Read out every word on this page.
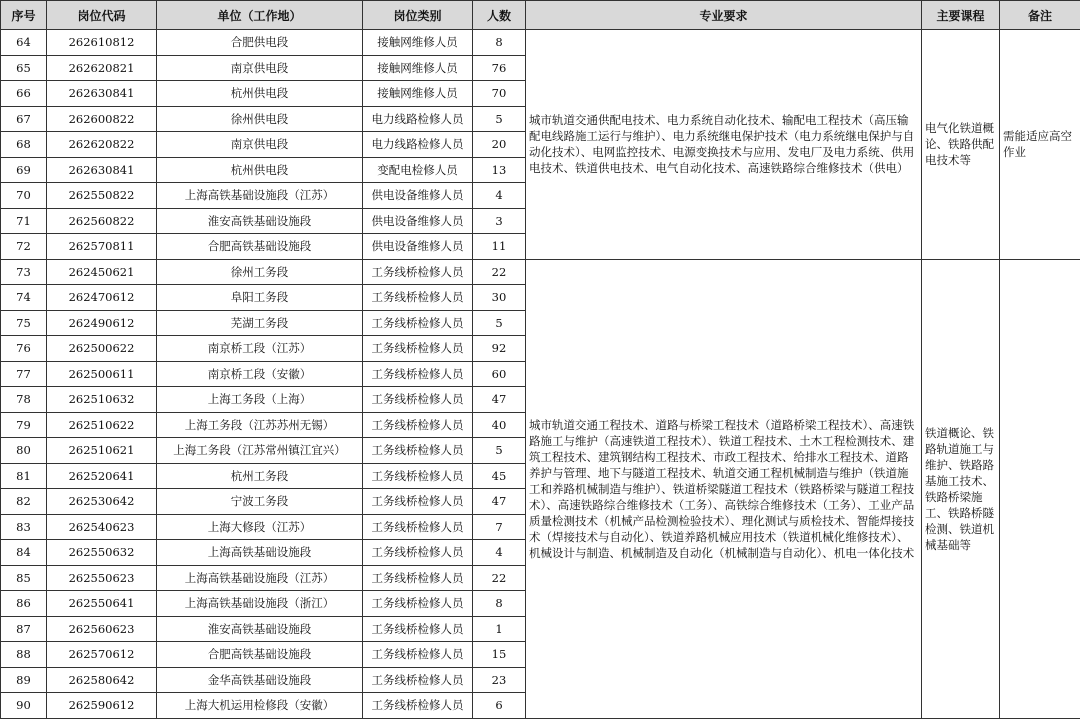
序号	岗位代码	单位（工作地）	岗位类别	人数	专业要求	主要课程	备注
64	262610812	合肥供电段	接触网维修人员	8	城市轨道交通供配电技术、电力系统自动化技术、输配电工程技术（高压输配电线路施工运行与维护）、电力系统继电保护技术（电力系统继电保护与自动化技术）、电网监控技术、电源变换技术与应用、发电厂及电力系统、供用电技术、铁道供电技术、电气自动化技术、高速铁路综合维修技术（供电）	电气化铁道概论、铁路供配电技术等	需能适应高空作业
65	262620821	南京供电段	接触网维修人员	76			
66	262630841	杭州供电段	接触网维修人员	70			
67	262600822	徐州供电段	电力线路检修人员	5			
68	262620822	南京供电段	电力线路检修人员	20			
69	262630841	杭州供电段	变配电检修人员	13			
70	262550822	上海高铁基础设施段（江苏）	供电设备维修人员	4			
71	262560822	淮安高铁基础设施段	供电设备维修人员	3			
72	262570811	合肥高铁基础设施段	供电设备维修人员	11			
73	262450621	徐州工务段	工务线桥检修人员	22	城市轨道交通工程技术、道路与桥梁工程技术（道路桥梁工程技术）、高速铁路施工与维护（高速铁道工程技术）、铁道工程技术、土木工程检测技术、建筑工程技术、建筑钢结构工程技术、市政工程技术、给排水工程技术、道路养护与管理、地下与隧道工程技术、轨道交通工程机械制造与维护（铁道施工和养路机械制造与维护）、铁道桥梁隧道工程技术（铁路桥梁与隧道工程技术）、高速铁路综合维修技术（工务）、高铁综合维修技术（工务）、工业产品质量检测技术（机械产品检测检验技术）、理化测试与质检技术、智能焊接技术（焊接技术与自动化）、铁道养路机械应用技术（铁道机械化维修技术）、机械设计与制造、机械制造及自动化（机械制造与自动化）、机电一体化技术	铁道概论、铁路轨道施工与维护、铁路路基施工技术、铁路桥梁施工、铁路桥隧检测、铁道机械基础等	
74	262470612	阜阳工务段	工务线桥检修人员	30			
75	262490612	芜湖工务段	工务线桥检修人员	5			
76	262500622	南京桥工段（江苏）	工务线桥检修人员	92			
77	262500611	南京桥工段（安徽）	工务线桥检修人员	60			
78	262510632	上海工务段（上海）	工务线桥检修人员	47			
79	262510622	上海工务段（江苏苏州无锡）	工务线桥检修人员	40			
80	262510621	上海工务段（江苏常州镇江宜兴）	工务线桥检修人员	5			
81	262520641	杭州工务段	工务线桥检修人员	45			
82	262530642	宁波工务段	工务线桥检修人员	47			
83	262540623	上海大修段（江苏）	工务线桥检修人员	7			
84	262550632	上海高铁基础设施段	工务线桥检修人员	4			
85	262550623	上海高铁基础设施段（江苏）	工务线桥检修人员	22			
86	262550641	上海高铁基础设施段（浙江）	工务线桥检修人员	8			
87	262560623	淮安高铁基础设施段	工务线桥检修人员	1			
88	262570612	合肥高铁基础设施段	工务线桥检修人员	15			
89	262580642	金华高铁基础设施段	工务线桥检修人员	23			
90	262590612	上海大机运用检修段（安徽）	工务线桥检修人员	6			
